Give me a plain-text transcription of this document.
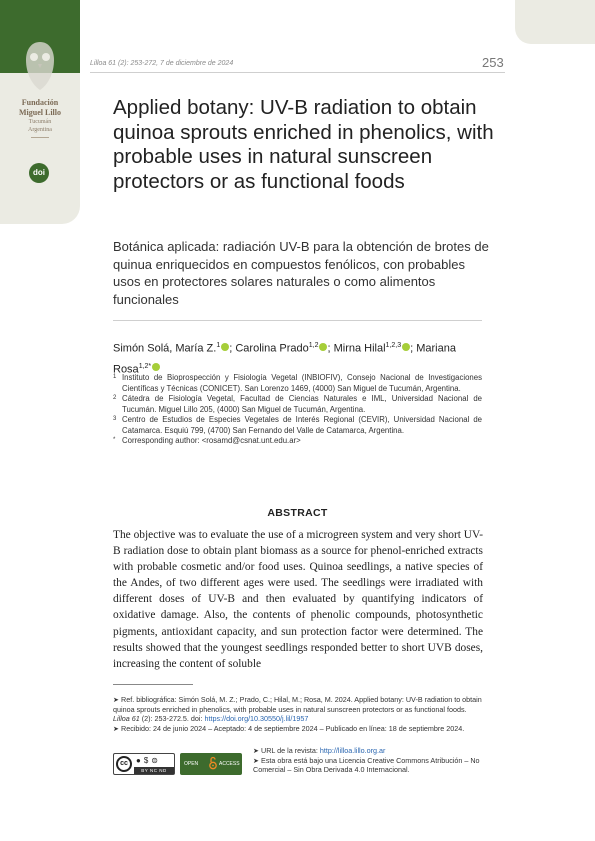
Fundación
Miguel Lillo
Tucumán
Argentina
doi
Lilloa 61 (2): 253-272, 7 de diciembre de 2024	253
Applied botany: UV-B radiation to obtain quinoa sprouts enriched in phenolics, with probable uses in natural sunscreen protectors or as functional foods
Botánica aplicada: radiación UV-B para la obtención de brotes de quinua enriquecidos en compuestos fenólicos, con probables usos en protectores solares naturales o como alimentos funcionales
Simón Solá, María Z.$^1$ ; Carolina Prado$^{1,2}$ ; Mirna Hilal$^{1,2,3}$ ; Mariana Rosa$^{1,2*}$
1 Instituto de Bioprospección y Fisiología Vegetal (INBIOFIV), Consejo Nacional de Investigaciones Científicas y Técnicas (CONICET). San Lorenzo 1469, (4000) San Miguel de Tucumán, Argentina.
2 Cátedra de Fisiología Vegetal, Facultad de Ciencias Naturales e IML, Universidad Nacional de Tucumán. Miguel Lillo 205, (4000) San Miguel de Tucumán, Argentina.
3 Centro de Estudios de Especies Vegetales de Interés Regional (CEVIR), Universidad Nacional de Catamarca. Esquiú 799, (4700) San Fernando del Valle de Catamarca, Argentina.
* Corresponding author: <rosamd@csnat.unt.edu.ar>
ABSTRACT
The objective was to evaluate the use of a microgreen system and very short UV-B radiation dose to obtain plant biomass as a source for phenol-enriched extracts with probable cosmetic and/or food uses. Quinoa seedlings, a native species of the Andes, of two different ages were used. The seedlings were irradiated with different doses of UV-B and then evaluated by quantifying indicators of oxidative damage. Also, the contents of phenolic compounds, photosynthetic pigments, antioxidant capacity, and sun protection factor were determined. The results showed that the youngest seedlings responded better to short UVB doses, increasing the content of soluble
➤ Ref. bibliográfica: Simón Solá, M. Z.; Prado, C.; Hilal, M.; Rosa, M. 2024. Applied botany: UV-B radiation to obtain quinoa sprouts enriched in phenolics, with probable uses in natural sunscreen protectors or as functional foods. Lilloa 61 (2): 253-272.5. doi: https://doi.org/10.30550/j.lil/1957
➤ Recibido: 24 de junio 2024 – Aceptado: 4 de septiembre 2024 – Publicado en línea: 18 de septiembre 2024.
cc	●$⊜
BY NC ND
OPEN	ACCESS
➤ URL de la revista: http://lilloa.lillo.org.ar
➤ Esta obra está bajo una Licencia Creative Commons Atribución – No Comercial – Sin Obra Derivada 4.0 Internacional.
